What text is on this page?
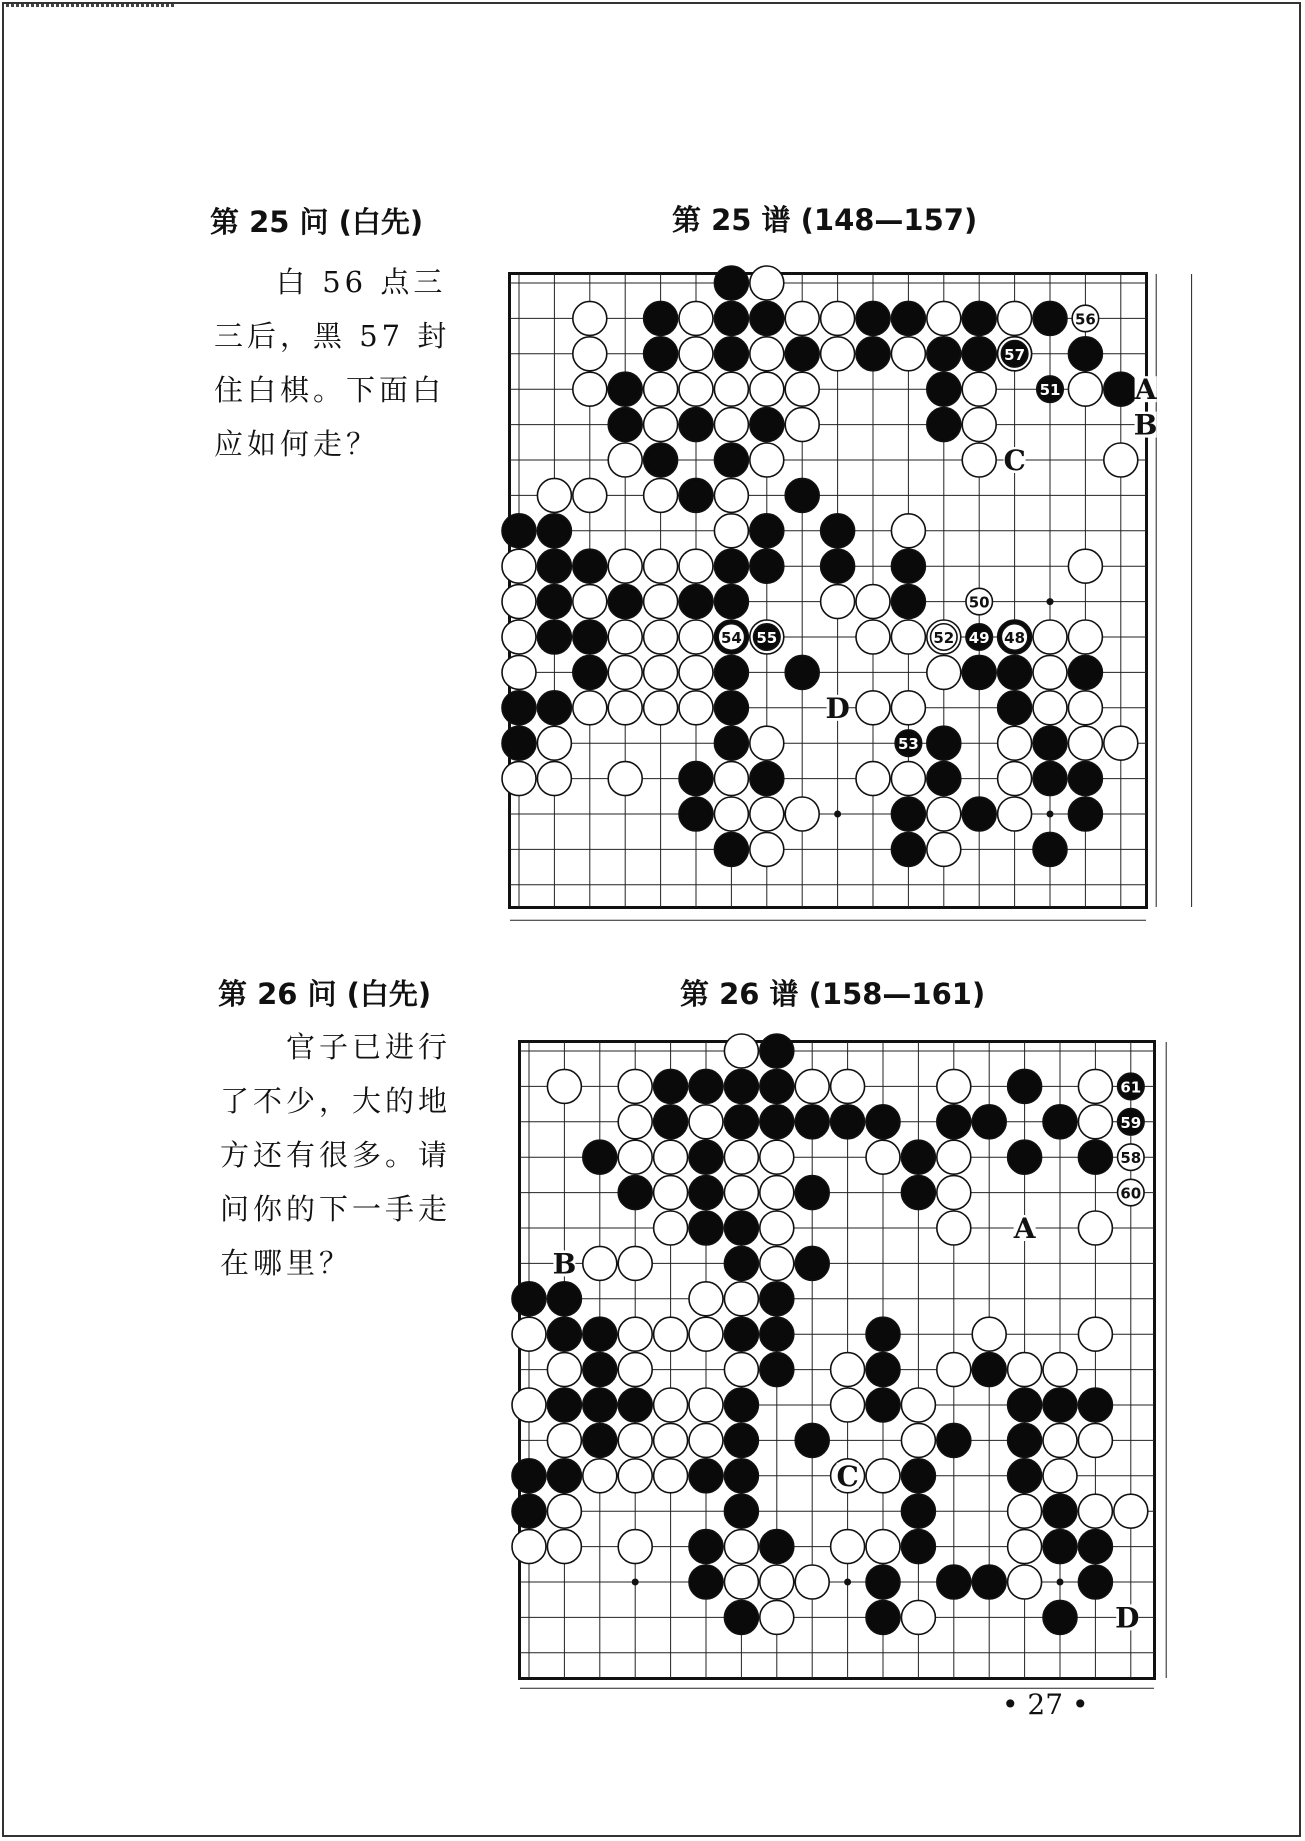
第 25 问 (白先)	第 25 谱 (148—157)
白 56 点三
三后，黑 57 封
住白棋。下面白
应如何走？
56
57
51
50
52 49 48
54 55
53
A
B
C
D
第 26 问 (白先)	第 26 谱 (158—161)
官子已进行
了不少，大的地
方还有很多。请
问你的下一手走
在哪里？
61
59
58
60
B
A
C
D
• 27 •
